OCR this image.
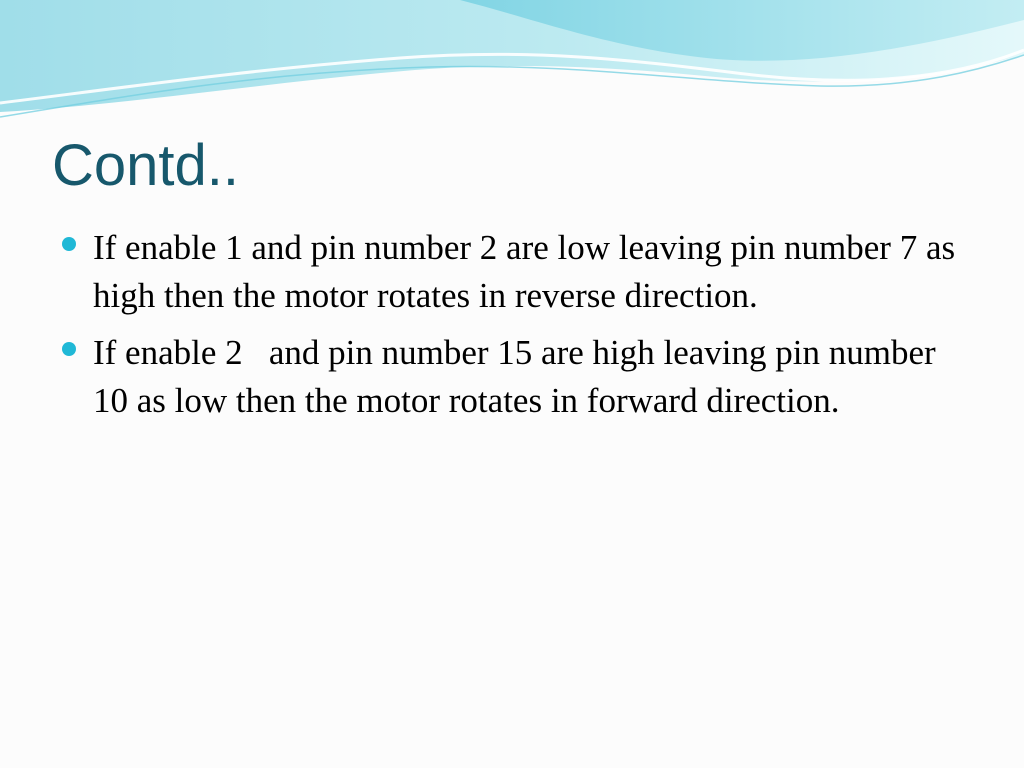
Contd..
If enable 1 and pin number 2 are low leaving pin number 7 as high then the motor rotates in reverse direction.
If enable 2   and pin number 15 are high leaving pin number 10 as low then the motor rotates in forward direction.
